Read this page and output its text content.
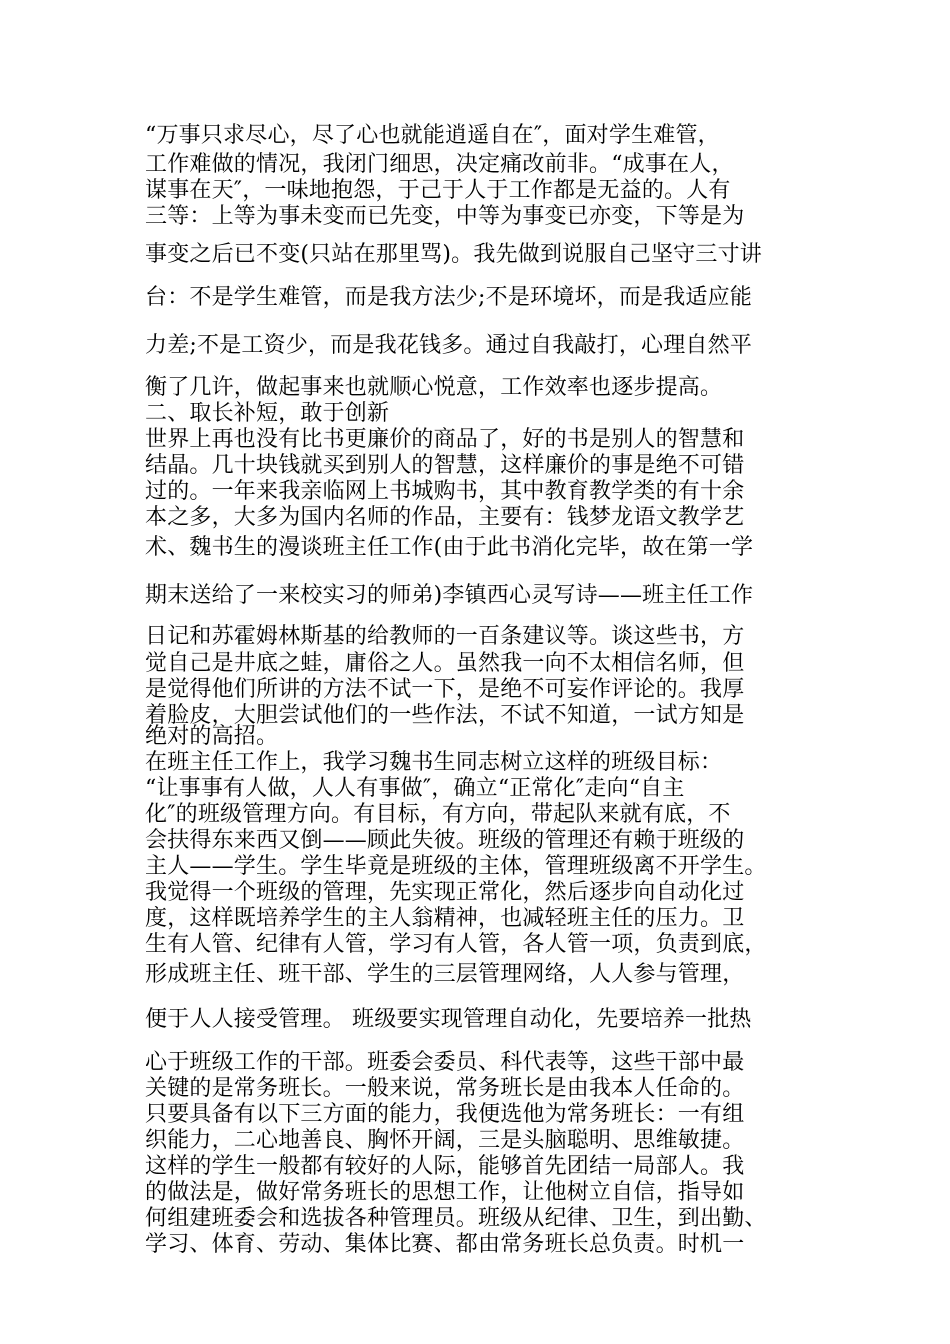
“万事只求尽心，尽了心也就能逍遥自在″，面对学生难管，
工作难做的情况，我闭门细思，决定痛改前非。“成事在人，
谋事在天″，一味地抱怨，于己于人于工作都是无益的。人有
三等：上等为事未变而已先变，中等为事变已亦变，下等是为
事变之后已不变(只站在那里骂)。我先做到说服自己坚守三寸讲
台：不是学生难管，而是我方法少;不是环境坏，而是我适应能
力差;不是工资少，而是我花钱多。通过自我敲打，心理自然平
衡了几许，做起事来也就顺心悦意，工作效率也逐步提高。
二、取长补短，敢于创新
世界上再也没有比书更廉价的商品了，好的书是别人的智慧和
结晶。几十块钱就买到别人的智慧，这样廉价的事是绝不可错
过的。一年来我亲临网上书城购书，其中教育教学类的有十余
本之多，大多为国内名师的作品，主要有：钱梦龙语文教学艺
术、魏书生的漫谈班主任工作(由于此书消化完毕，故在第一学
期末送给了一来校实习的师弟)李镇西心灵写诗——班主任工作
日记和苏霍姆林斯基的给教师的一百条建议等。谈这些书，方
觉自己是井底之蛙，庸俗之人。虽然我一向不太相信名师，但
是觉得他们所讲的方法不试一下，是绝不可妄作评论的。我厚
着脸皮，大胆尝试他们的一些作法，不试不知道，一试方知是
绝对的高招。
在班主任工作上，我学习魏书生同志树立这样的班级目标：
“让事事有人做，人人有事做″，确立“正常化″走向“自主
化″的班级管理方向。有目标，有方向，带起队来就有底，不
会扶得东来西又倒——顾此失彼。班级的管理还有赖于班级的
主人——学生。学生毕竟是班级的主体，管理班级离不开学生。
我觉得一个班级的管理，先实现正常化，然后逐步向自动化过
度，这样既培养学生的主人翁精神，也减轻班主任的压力。卫
生有人管、纪律有人管，学习有人管，各人管一项，负责到底，
形成班主任、班干部、学生的三层管理网络，人人参与管理，
便于人人接受管理。 班级要实现管理自动化，先要培养一批热
心于班级工作的干部。班委会委员、科代表等，这些干部中最
关键的是常务班长。一般来说，常务班长是由我本人任命的。
只要具备有以下三方面的能力，我便选他为常务班长：一有组
织能力，二心地善良、胸怀开阔，三是头脑聪明、思维敏捷。
这样的学生一般都有较好的人际，能够首先团结一局部人。我
的做法是，做好常务班长的思想工作，让他树立自信，指导如
何组建班委会和选拔各种管理员。班级从纪律、卫生，到出勤、
学习、体育、劳动、集体比赛、都由常务班长总负责。时机一
